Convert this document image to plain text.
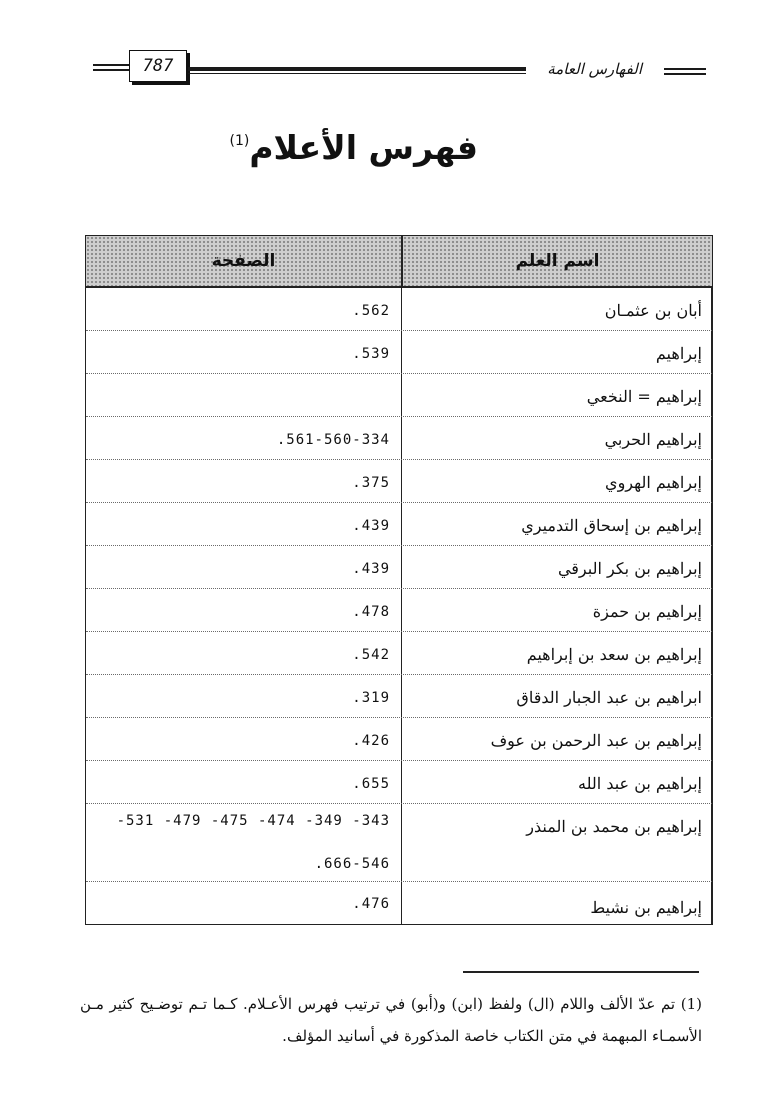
787	الفهارس العامة
فهرس الأعلام$^{(1)}$
اسم العلم
الصفحة
أبان بن عثمـان
.562
إبراهيم
.539
إبراهيم = النخعي
إبراهيم الحربي
.561-560-334
إبراهيم الهروي
.375
إبراهيم بن إسحاق التدميري
.439
إبراهيم بن بكر البرقي
.439
إبراهيم بن حمزة
.478
إبراهيم بن سعد بن إبراهيم
.542
ابراهيم بن عبد الجبار الدقاق
.319
إبراهيم بن عبد الرحمن بن عوف
.426
إبراهيم بن عبد الله
.655
إبراهيم بن محمد بن المنذر
-531 -479 -475 -474 -349 -343
.666-546
إبراهيم بن نشيط
.476
(1) تم عدّ الألف واللام (ال) ولفظ (ابن) و(أبو) في ترتيب فهرس الأعـلام. كـما تـم توضـيح كثير مـن الأسمـاء المبهمة في متن الكتاب خاصة المذكورة في أسانيد المؤلف.
